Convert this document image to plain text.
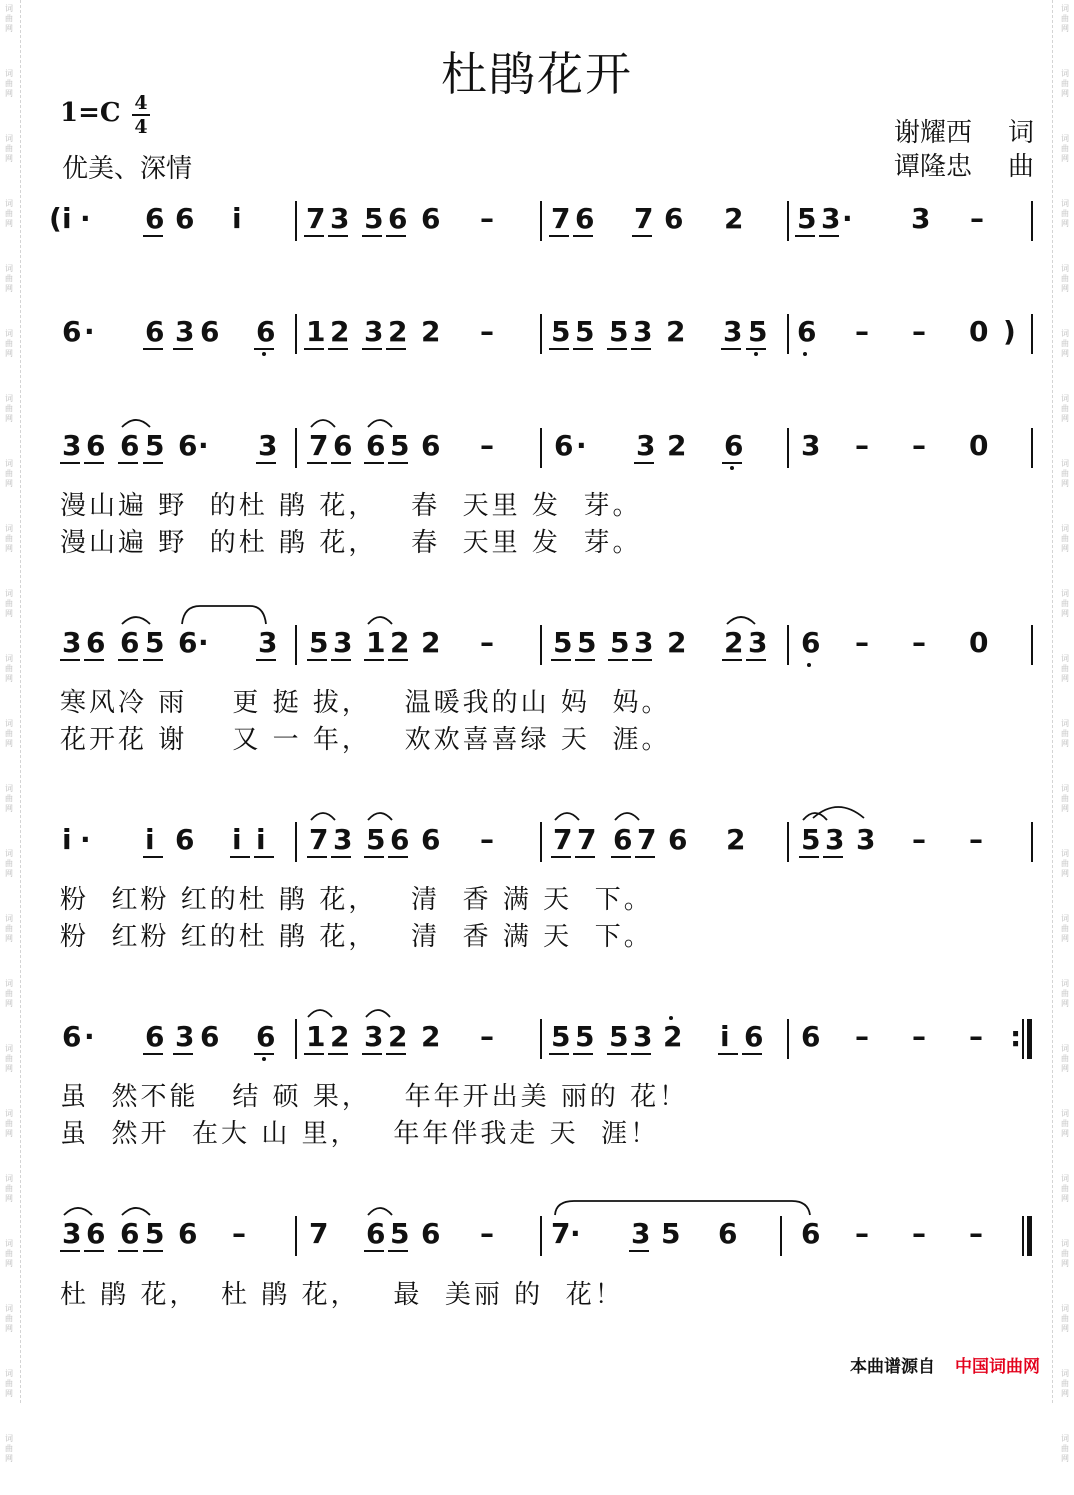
词
曲
网
词
曲
网
词
曲
网
词
曲
网
词
曲
网
词
曲
网
词
曲
网
词
曲
网
词
曲
网
词
曲
网
词
曲
网
词
曲
网
词
曲
网
词
曲
网
词
曲
网
词
曲
网
词
曲
网
词
曲
网
词
曲
网
词
曲
网
词
曲
网
词
曲
网
词
曲
网
词
曲
网
词
曲
网
词
曲
网
词
曲
网
词
曲
网
词
曲
网
词
曲
网
词
曲
网
词
曲
网
词
曲
网
词
曲
网
词
曲
网
词
曲
网
词
曲
网
词
曲
网
词
曲
网
词
曲
网
词
曲
网
词
曲
网
词
曲
网
词
曲
网
词
曲
网
词
曲
网
杜鹃花开
1=C 4
4
优美、深情
谢耀西 词
谭隆忠 曲
( i · 6 6 i 7 3 5 6 6 – 7 6 7 6 2 5 3 · 3 –
6 · 6 3 6 6 1 2 3 2 2 – 5 5 5 3 2 3 5 6 – – 0 )
3 6 6 5 6 · 3 7 6 6 5 6 – 6 · 3 2 6 3 – – 0
3 6 6 5 6 · 3 5 3 1 2 2 – 5 5 5 3 2 2 3 6 – – 0
i · i 6 i i 7 3 5 6 6 – 7 7 6 7 6 2 5 3 3 – –
6 · 6 3 6 6 1 2 3 2 2 – 5 5 5 3 2 i 6 6 – – – :
3 6 6 5 6 – 7 6 5 6 – 7 · 3 5 6 6 – – –
漫山遍 野  的杜 鹃 花，   春  天里 发  芽。
漫山遍 野  的杜 鹃 花，   春  天里 发  芽。
寒风冷 雨    更 挺 拔，   温暖我的山 妈  妈。
花开花 谢    又 一 年，   欢欢喜喜绿 天  涯。
粉  红粉 红的杜 鹃 花，   清  香 满 天  下。
粉  红粉 红的杜 鹃 花，   清  香 满 天  下。
虽  然不能   结 硕 果，   年年开出美 丽的 花！
虽  然开  在大 山 里，   年年伴我走 天  涯！
杜 鹃 花，  杜 鹃 花，   最  美丽 的  花！
本曲谱源自 中国词曲网
